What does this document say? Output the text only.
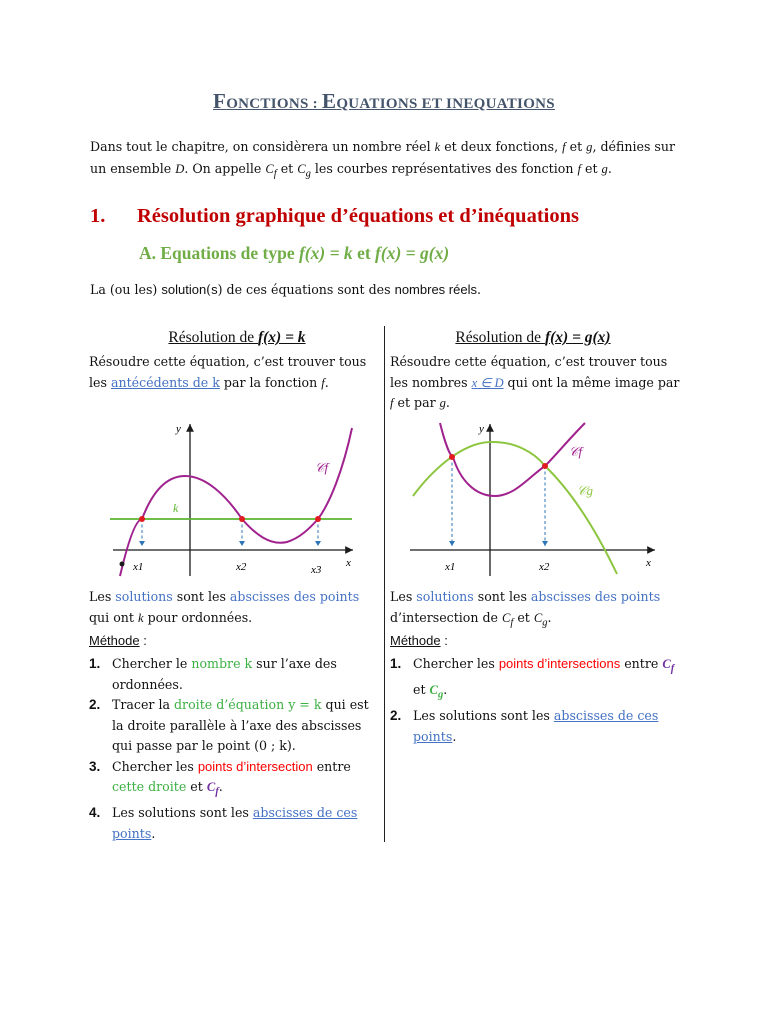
FONCTIONS : EQUATIONS ET INEQUATIONS
Dans tout le chapitre, on considèrera un nombre réel k et deux fonctions, f et g, définies sur un ensemble D. On appelle $C_f$ et $C_g$ les courbes représentatives des fonction f et g.
1. Résolution graphique d’équations et d’inéquations
A. Equations de type f(x) = k et f(x) = g(x)
La (ou les) solution(s) de ces équations sont des nombres réels.
Résolution de f(x) = k
Résoudre cette équation, c’est trouver tous les antécédents de k par la fonction f.
y
x
k
𝒞f
x1	x2	x3
Les solutions sont les abscisses des points qui ont k pour ordonnées.
Méthode :
1. Chercher le nombre k sur l’axe des ordonnées.
2. Tracer la droite d’équation y = k qui est la droite parallèle à l’axe des abscisses qui passe par le point (0 ; k).
3. Chercher les points d’intersection entre cette droite et $C_f$.
4. Les solutions sont les abscisses de ces points.
Résolution de f(x) = g(x)
Résoudre cette équation, c’est trouver tous les nombres x ∈ D qui ont la même image par f et par g.
y
x
𝒞f
𝒞g
x1	x2
Les solutions sont les abscisses des points d’intersection de $C_f$ et $C_g$.
Méthode :
1. Chercher les points d’intersections entre $C_f$ et $C_g$.
2. Les solutions sont les abscisses de ces points.
